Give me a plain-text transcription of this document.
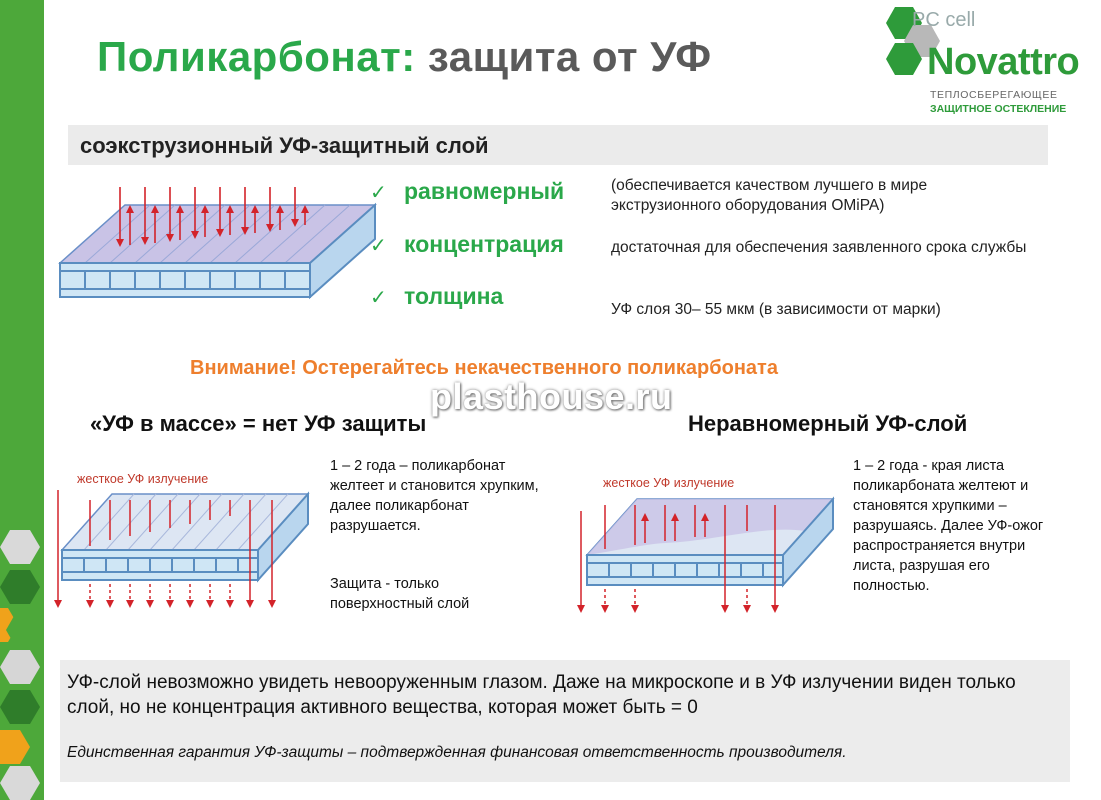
Поликарбонат: защита от УФ
PC cell
Novattro
ТЕПЛОСБЕРЕГАЮЩЕЕ
ЗАЩИТНОЕ ОСТЕКЛЕНИЕ
соэкструзионный УФ-защитный слой
✓ равномерный
✓ концентрация
✓ толщина
(обеспечивается качеством лучшего в мире экструзионного оборудования OMiPA)
достаточная для обеспечения заявленного срока службы
УФ слоя 30– 55 мкм (в зависимости от марки)
Внимание! Остерегайтесь некачественного поликарбоната
plasthouse.ru
«УФ в массе» = нет УФ защиты	Неравномерный УФ-слой
жесткое УФ излучение
1 – 2 года – поликарбонат желтеет и становится хрупким, далее поликарбонат разрушается.
Защита - только поверхностный слой
жесткое УФ излучение
1 – 2 года - края листа поликарбоната желтеют и становятся хрупкими – разрушаясь. Далее УФ-ожог распространяется внутри листа, разрушая его полностью.
УФ-слой невозможно увидеть невооруженным глазом. Даже на микроскопе и в УФ излучении виден только слой, но не концентрация активного вещества, которая может быть = 0
Единственная гарантия УФ-защиты – подтвержденная финансовая ответственность производителя.
